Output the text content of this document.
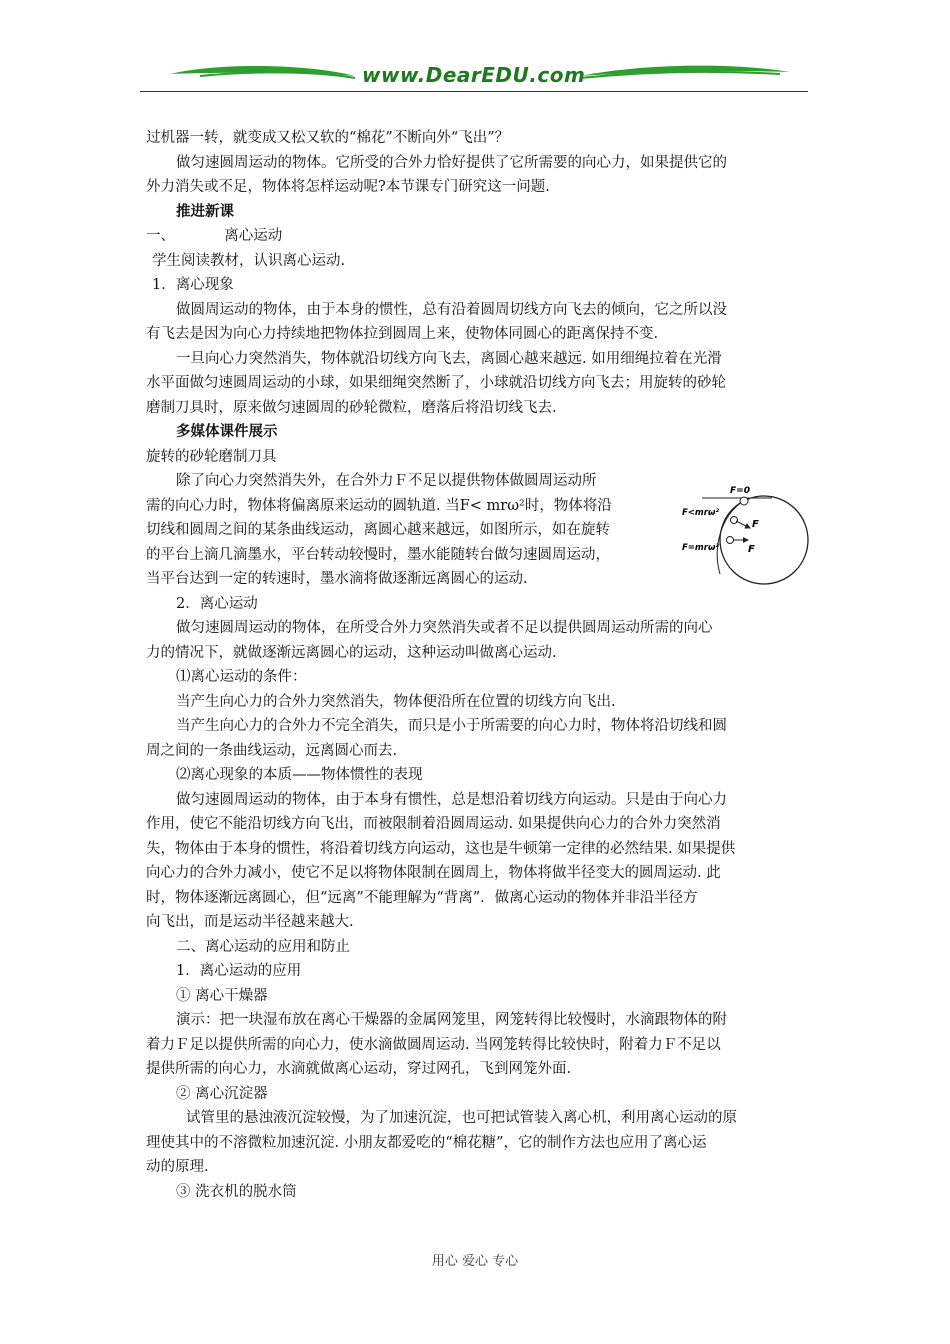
www.DearEDU.com
过机器一转，就变成又松又软的“棉花”不断向外“飞出”？
做匀速圆周运动的物体。它所受的合外力恰好提供了它所需要的向心力，如果提供它的
外力消失或不足，物体将怎样运动呢?本节课专门研究这一问题.
推进新课
一、	离心运动
学生阅读教材，认识离心运动.
1．离心现象
做圆周运动的物体，由于本身的惯性，总有沿着圆周切线方向飞去的倾向，它之所以没
有飞去是因为向心力持续地把物体拉到圆周上来，使物体同圆心的距离保持不变.
一旦向心力突然消失，物体就沿切线方向飞去，离圆心越来越远. 如用细绳拉着在光滑
水平面做匀速圆周运动的小球，如果细绳突然断了，小球就沿切线方向飞去；用旋转的砂轮
磨制刀具时，原来做匀速圆周的砂轮微粒，磨落后将沿切线飞去.
多媒体课件展示
旋转的砂轮磨制刀具
除了向心力突然消失外，在合外力Ｆ不足以提供物体做圆周运动所
需的向心力时，物体将偏离原来运动的圆轨道. 当F< mrω²时，物体将沿
切线和圆周之间的某条曲线运动，离圆心越来越远，如图所示，如在旋转
的平台上滴几滴墨水，平台转动较慢时，墨水能随转台做匀速圆周运动，
当平台达到一定的转速时，墨水滴将做逐渐远离圆心的运动.
2．离心运动
做匀速圆周运动的物体，在所受合外力突然消失或者不足以提供圆周运动所需的向心
力的情况下，就做逐渐远离圆心的运动，这种运动叫做离心运动.
⑴离心运动的条件：
当产生向心力的合外力突然消失，物体便沿所在位置的切线方向飞出.
当产生向心力的合外力不完全消失，而只是小于所需要的向心力时，物体将沿切线和圆
周之间的一条曲线运动，远离圆心而去.
⑵离心现象的本质——物体惯性的表现
做匀速圆周运动的物体，由于本身有惯性，总是想沿着切线方向运动。只是由于向心力
作用，使它不能沿切线方向飞出，而被限制着沿圆周运动. 如果提供向心力的合外力突然消
失，物体由于本身的惯性，将沿着切线方向运动，这也是牛顿第一定律的必然结果. 如果提供
向心力的合外力减小，使它不足以将物体限制在圆周上，物体将做半径变大的圆周运动. 此
时，物体逐渐远离圆心，但“远离”不能理解为“背离”．做离心运动的物体并非沿半径方
向飞出，而是运动半径越来越大.
二、离心运动的应用和防止
1．离心运动的应用
① 离心干燥器
演示：把一块湿布放在离心干燥器的金属网笼里，网笼转得比较慢时，水滴跟物体的附
着力Ｆ足以提供所需的向心力，使水滴做圆周运动. 当网笼转得比较快时，附着力Ｆ不足以
提供所需的向心力，水滴就做离心运动，穿过网孔，飞到网笼外面.
② 离心沉淀器
试管里的悬浊液沉淀较慢，为了加速沉淀，也可把试管装入离心机，利用离心运动的原
理使其中的不溶微粒加速沉淀. 小朋友都爱吃的“棉花糖”，它的制作方法也应用了离心运
动的原理.
③ 洗衣机的脱水筒
F=0
F<mrω²
F=mrω²
F
F
用心 爱心 专心
